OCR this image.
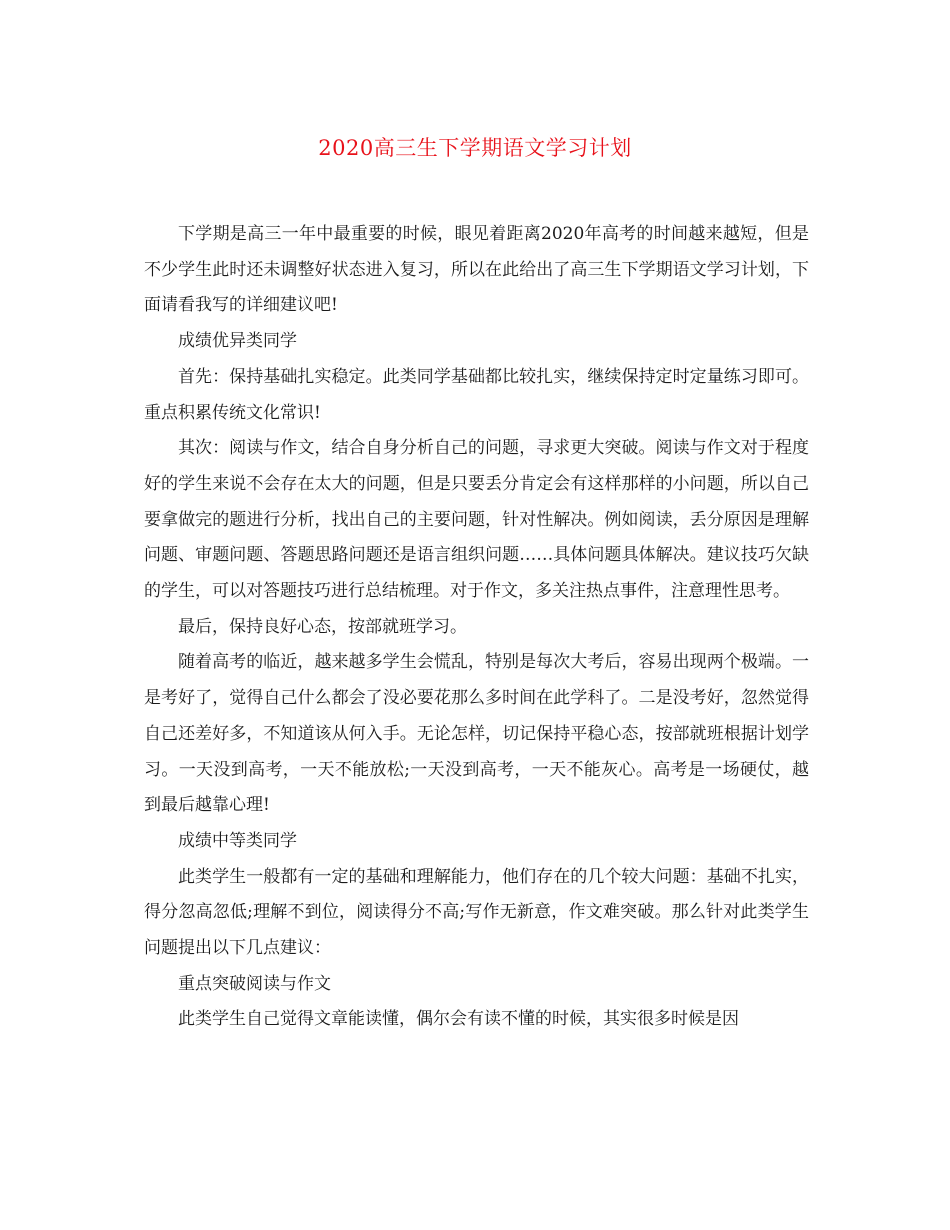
2020高三生下学期语文学习计划

下学期是高三一年中最重要的时候，眼见着距离2020年高考的时间越来越短，但是不少学生此时还未调整好状态进入复习，所以在此给出了高三生下学期语文学习计划，下面请看我写的详细建议吧!

成绩优异类同学

首先：保持基础扎实稳定。此类同学基础都比较扎实，继续保持定时定量练习即可。重点积累传统文化常识!

其次：阅读与作文，结合自身分析自己的问题，寻求更大突破。阅读与作文对于程度好的学生来说不会存在太大的问题，但是只要丢分肯定会有这样那样的小问题，所以自己要拿做完的题进行分析，找出自己的主要问题，针对性解决。例如阅读，丢分原因是理解问题、审题问题、答题思路问题还是语言组织问题……具体问题具体解决。建议技巧欠缺的学生，可以对答题技巧进行总结梳理。对于作文，多关注热点事件，注意理性思考。

最后，保持良好心态，按部就班学习。

随着高考的临近，越来越多学生会慌乱，特别是每次大考后，容易出现两个极端。一是考好了，觉得自己什么都会了没必要花那么多时间在此学科了。二是没考好，忽然觉得自己还差好多，不知道该从何入手。无论怎样，切记保持平稳心态，按部就班根据计划学习。一天没到高考，一天不能放松;一天没到高考，一天不能灰心。高考是一场硬仗，越到最后越靠心理!

成绩中等类同学

此类学生一般都有一定的基础和理解能力，他们存在的几个较大问题：基础不扎实，得分忽高忽低;理解不到位，阅读得分不高;写作无新意，作文难突破。那么针对此类学生问题提出以下几点建议：

重点突破阅读与作文

此类学生自己觉得文章能读懂，偶尔会有读不懂的时候，其实很多时候是因
